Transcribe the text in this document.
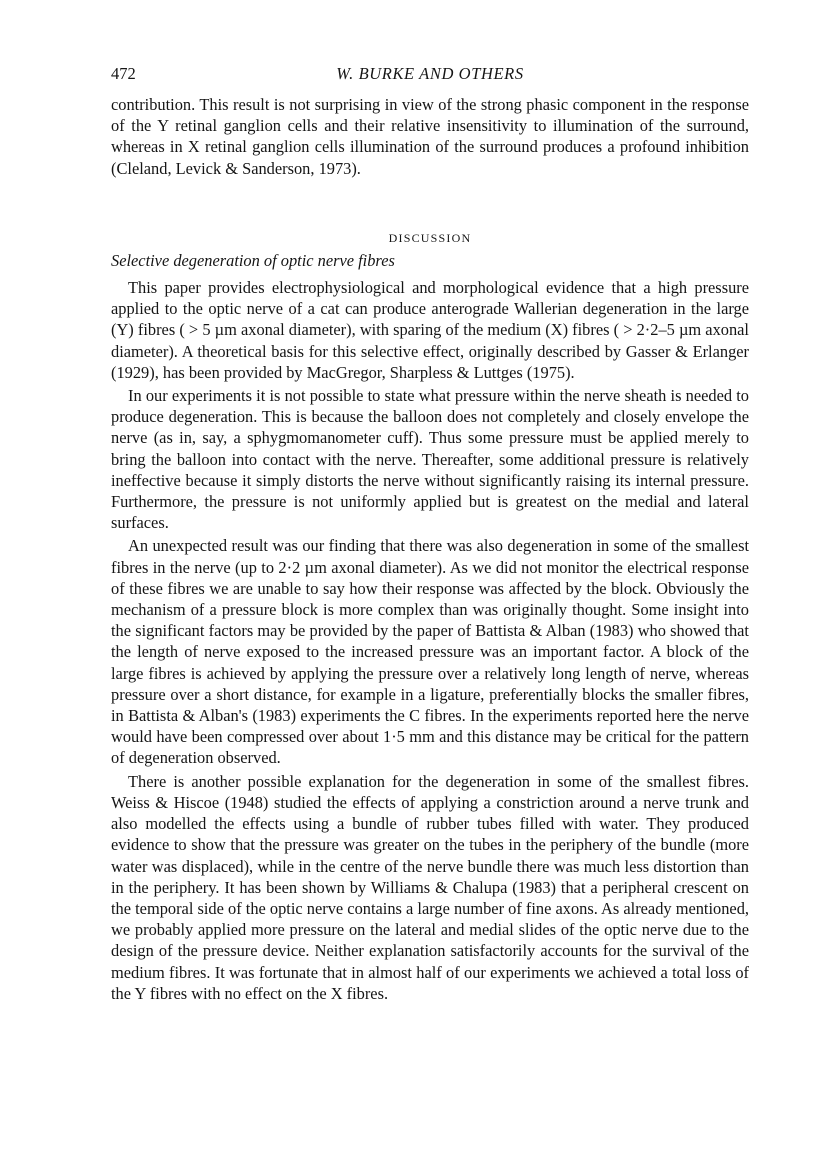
472	W. BURKE AND OTHERS

contribution. This result is not surprising in view of the strong phasic component in the response of the Y retinal ganglion cells and their relative insensitivity to illumination of the surround, whereas in X retinal ganglion cells illumination of the surround produces a profound inhibition (Cleland, Levick & Sanderson, 1973).

DISCUSSION
Selective degeneration of optic nerve fibres

This paper provides electrophysiological and morphological evidence that a high pressure applied to the optic nerve of a cat can produce anterograde Wallerian degeneration in the large (Y) fibres ( > 5 µm axonal diameter), with sparing of the medium (X) fibres ( > 2·2–5 µm axonal diameter). A theoretical basis for this selective effect, originally described by Gasser & Erlanger (1929), has been provided by MacGregor, Sharpless & Luttges (1975).

In our experiments it is not possible to state what pressure within the nerve sheath is needed to produce degeneration. This is because the balloon does not completely and closely envelope the nerve (as in, say, a sphygmomanometer cuff). Thus some pressure must be applied merely to bring the balloon into contact with the nerve. Thereafter, some additional pressure is relatively ineffective because it simply distorts the nerve without significantly raising its internal pressure. Furthermore, the pressure is not uniformly applied but is greatest on the medial and lateral surfaces.

An unexpected result was our finding that there was also degeneration in some of the smallest fibres in the nerve (up to 2·2 µm axonal diameter). As we did not monitor the electrical response of these fibres we are unable to say how their response was affected by the block. Obviously the mechanism of a pressure block is more complex than was originally thought. Some insight into the significant factors may be provided by the paper of Battista & Alban (1983) who showed that the length of nerve exposed to the increased pressure was an important factor. A block of the large fibres is achieved by applying the pressure over a relatively long length of nerve, whereas pressure over a short distance, for example in a ligature, preferentially blocks the smaller fibres, in Battista & Alban's (1983) experiments the C fibres. In the experiments reported here the nerve would have been compressed over about 1·5 mm and this distance may be critical for the pattern of degeneration observed.

There is another possible explanation for the degeneration in some of the smallest fibres. Weiss & Hiscoe (1948) studied the effects of applying a constriction around a nerve trunk and also modelled the effects using a bundle of rubber tubes filled with water. They produced evidence to show that the pressure was greater on the tubes in the periphery of the bundle (more water was displaced), while in the centre of the nerve bundle there was much less distortion than in the periphery. It has been shown by Williams & Chalupa (1983) that a peripheral crescent on the temporal side of the optic nerve contains a large number of fine axons. As already mentioned, we probably applied more pressure on the lateral and medial slides of the optic nerve due to the design of the pressure device. Neither explanation satisfactorily accounts for the survival of the medium fibres. It was fortunate that in almost half of our experiments we achieved a total loss of the Y fibres with no effect on the X fibres.
